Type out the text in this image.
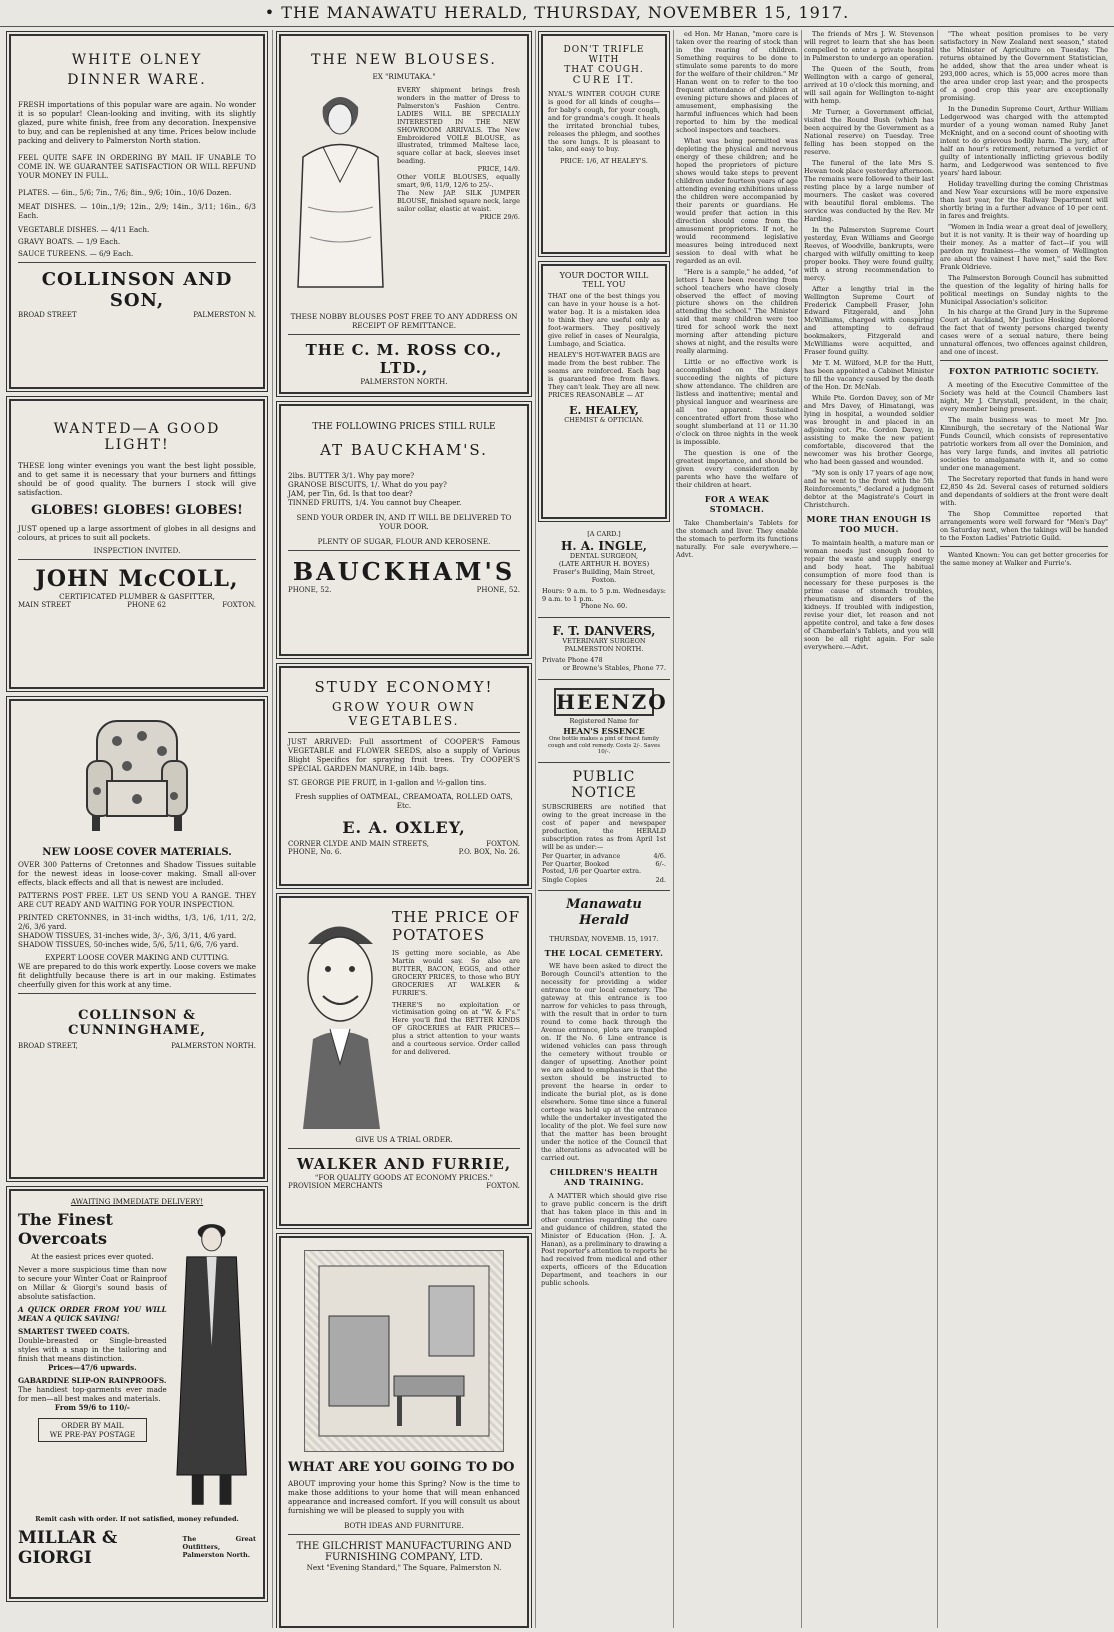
• THE MANAWATU HERALD, THURSDAY, NOVEMBER 15, 1917.
WHITE OLNEY
DINNER WARE.
FRESH importations of this popular ware are again. No wonder it is so popular! Clean-looking and inviting, with its slightly glazed, pure white finish, free from any decoration. Inexpensive to buy, and can be replenished at any time. Prices below include packing and delivery to Palmerston North station.
FEEL QUITE SAFE IN ORDERING BY MAIL IF UNABLE TO COME IN. WE GUARANTEE SATISFACTION OR WILL REFUND YOUR MONEY IN FULL.
PLATES. — 6in., 5/6; 7in., 7/6; 8in., 9/6; 10in., 10/6 Dozen.
MEAT DISHES. — 10in.,1/9; 12in., 2/9; 14in., 3/11; 16in., 6/3 Each.
VEGETABLE DISHES. — 4/11 Each.
GRAVY BOATS. — 1/9 Each.
SAUCE TUREENS. — 6/9 Each.
COLLINSON AND SON,
BROAD STREET	PALMERSTON N.
WANTED—A GOOD LIGHT!
THESE long winter evenings you want the best light possible, and to get same it is necessary that your burners and fittings should be of good quality. The burners I stock will give satisfaction.
GLOBES! GLOBES! GLOBES!
JUST opened up a large assortment of globes in all designs and colours, at prices to suit all pockets.
INSPECTION INVITED.
JOHN McCOLL,
CERTIFICATED PLUMBER & GASFITTER,
MAIN STREET	PHONE 62	FOXTON.
NEW LOOSE COVER MATERIALS.
OVER 300 Patterns of Cretonnes and Shadow Tissues suitable for the newest ideas in loose-cover making. Small all-over effects, black effects and all that is newest are included.
PATTERNS POST FREE. LET US SEND YOU A RANGE. THEY ARE CUT READY AND WAITING FOR YOUR INSPECTION.
PRINTED CRETONNES, in 31-inch widths, 1/3, 1/6, 1/11, 2/2, 2/6, 3/6 yard.
SHADOW TISSUES, 31-inches wide, 3/-, 3/6, 3/11, 4/6 yard.
SHADOW TISSUES, 50-inches wide, 5/6, 5/11, 6/6, 7/6 yard.
EXPERT LOOSE COVER MAKING AND CUTTING.
WE are prepared to do this work expertly. Loose covers we make fit delightfully because there is art in our making. Estimates cheerfully given for this work at any time.
COLLINSON & CUNNINGHAME,
BROAD STREET,	PALMERSTON NORTH.
AWAITING IMMEDIATE DELIVERY!
The Finest Overcoats
At the easiest prices ever quoted.
Never a more suspicious time than now to secure your Winter Coat or Rainproof on Millar & Giorgi's sound basis of absolute satisfaction.
A QUICK ORDER FROM YOU WILL MEAN A QUICK SAVING!
SMARTEST TWEED COATS.
Double-breasted or Single-breasted styles with a snap in the tailoring and finish that means distinction.
Prices—47/6 upwards.
GABARDINE SLIP-ON RAINPROOFS.
The handiest top-garments ever made for men—all best makes and materials.
From 59/6 to 110/-
ORDER BY MAIL
WE PRE-PAY POSTAGE
Remit cash with order. If not satisfied, money refunded.
MILLAR & GIORGI
The Great Outfitters, Palmerston North.
THE NEW BLOUSES.
EX "RIMUTAKA."
EVERY shipment brings fresh wonders in the matter of Dress to Palmerston's Fashion Centre. LADIES WILL BE SPECIALLY INTERESTED IN THE NEW SHOWROOM ARRIVALS. The New Embroidered VOILE BLOUSE, as illustrated, trimmed Maltese lace, square collar at back, sleeves inset beading.
PRICE, 14/9.
Other VOILE BLOUSES, equally smart, 9/6, 11/9, 12/6 to 25/-.
The New JAP. SILK JUMPER BLOUSE, finished square neck, large sailor collar, elastic at waist.
PRICE 29/6.
THESE NOBBY BLOUSES POST FREE TO ANY ADDRESS ON RECEIPT OF REMITTANCE.
THE C. M. ROSS CO., LTD.,
PALMERSTON NORTH.
THE FOLLOWING PRICES STILL RULE
AT BAUCKHAM'S.
2lbs. BUTTER 3/1. Why pay more?
GRANOSE BISCUITS, 1/. What do you pay?
JAM, per Tin, 6d. Is that too dear?
TINNED FRUITS, 1/4. You cannot buy Cheaper.
SEND YOUR ORDER IN, AND IT WILL BE DELIVERED TO YOUR DOOR.
PLENTY OF SUGAR, FLOUR AND KEROSENE.
BAUCKHAM'S
PHONE, 52.	PHONE, 52.
STUDY ECONOMY!
GROW YOUR OWN VEGETABLES.
JUST ARRIVED: Full assortment of COOPER'S Famous VEGETABLE and FLOWER SEEDS, also a supply of Various Blight Specifics for spraying fruit trees. Try COOPER'S SPECIAL GARDEN MANURE, in 14lb. bags.
ST. GEORGE PIE FRUIT, in 1-gallon and ½-gallon tins.
Fresh supplies of OATMEAL, CREAMOATA, ROLLED OATS, Etc.
E. A. OXLEY,
CORNER CLYDE AND MAIN STREETS,	FOXTON.
PHONE, No. 6.	P.O. BOX, No. 26.
THE PRICE OF
POTATOES
IS getting more sociable, as Abe Martin would say. So also are BUTTER, BACON, EGGS, and other GROCERY PRICES, to those who BUY GROCERIES AT WALKER & FURRIE'S.
THERE'S no exploitation or victimisation going on at "W. & F's." Here you'll find the BETTER KINDS OF GROCERIES at FAIR PRICES—plus a strict attention to your wants and a courteous service. Order called for and delivered.
GIVE US A TRIAL ORDER.
WALKER AND FURRIE,
"FOR QUALITY GOODS AT ECONOMY PRICES."
PROVISION MERCHANTS	FOXTON.
WHAT ARE YOU GOING TO DO
ABOUT improving your home this Spring? Now is the time to make those additions to your home that will mean enhanced appearance and increased comfort. If you will consult us about furnishing we will be pleased to supply you with
BOTH IDEAS AND FURNITURE.
THE GILCHRIST MANUFACTURING AND FURNISHING COMPANY, LTD.
Next "Evening Standard," The Square, Palmerston N.
DON'T TRIFLE
WITH
THAT COUGH.
CURE IT.
NYAL'S WINTER COUGH CURE is good for all kinds of coughs—for baby's cough, for your cough, and for grandma's cough. It heals the irritated bronchial tubes, releases the phlegm, and soothes the sore lungs. It is pleasant to take, and easy to buy.
PRICE: 1/6, AT HEALEY'S.
YOUR DOCTOR WILL TELL YOU
THAT one of the best things you can have in your house is a hot-water bag. It is a mistaken idea to think they are useful only as foot-warmers. They positively give relief in cases of Neuralgia, Lumbago, and Sciatica.
HEALEY'S HOT-WATER BAGS are made from the best rubber. The seams are reinforced. Each bag is guaranteed free from flaws. They can't leak. They are all new. PRICES REASONABLE — AT
E. HEALEY,
CHEMIST & OPTICIAN.
[A CARD.]
H. A. INGLE,
DENTAL SURGEON,
(LATE ARTHUR H. BOYES)
Fraser's Building, Main Street, Foxton.
Hours: 9 a.m. to 5 p.m. Wednesdays: 9 a.m. to 1 p.m.
Phone No. 60.
F. T. DANVERS,
VETERINARY SURGEON
PALMERSTON NORTH.
Private Phone 478
or Browne's Stables, Phone 77.
HEENZO
Registered Name for
HEAN'S ESSENCE
One bottle makes a pint of finest family cough and cold remedy. Costs 2/-. Saves 10/-.
PUBLIC NOTICE
SUBSCRIBERS are notified that owing to the great increase in the cost of paper and newspaper production, the HERALD subscription rates as from April 1st will be as under:—
Per Quarter, in advance	4/6.
Per Quarter, Booked	6/-.
Posted, 1/6 per Quarter extra.
Single Copies	2d.
Manawatu Herald
THURSDAY, NOVEMB. 15, 1917.
THE LOCAL CEMETERY.

WE have been asked to direct the Borough Council's attention to the necessity for providing a wider entrance to our local cemetery. The gateway at this entrance is too narrow for vehicles to pass through, with the result that in order to turn round to come back through the Avenue entrance, plots are trampled on. If the No. 6 Line entrance is widened vehicles can pass through the cemetery without trouble or danger of upsetting. Another point we are asked to emphasise is that the sexton should be instructed to prevent the hearse in order to indicate the burial plot, as is done elsewhere. Some time since a funeral cortege was held up at the entrance while the undertaker investigated the locality of the plot. We feel sure now that the matter has been brought under the notice of the Council that the alterations as advocated will be carried out.

CHILDREN'S HEALTH AND TRAINING.

A MATTER which should give rise to grave public concern is the drift that has taken place in this and in other countries regarding the care and guidance of children, stated the Minister of Education (Hon. J. A. Hanan), as a preliminary to drawing a Post reporter's attention to reports he had received from medical and other experts, officers of the Education Department, and teachers in our public schools.

ed Hon. Mr Hanan, "more care is taken over the rearing of stock than in the rearing of children. Something requires to be done to stimulate some parents to do more for the welfare of their children." Mr Hanan went on to refer to the too frequent attendance of children at evening picture shows and places of amusement, emphasising the harmful influences which had been reported to him by the medical school inspectors and teachers.

What was being permitted was depleting the physical and nervous energy of these children; and he hoped the proprietors of picture shows would take steps to prevent children under fourteen years of age attending evening exhibitions unless the children were accompanied by their parents or guardians. He would prefer that action in this direction should come from the amusement proprietors. If not, he would recommend legislative measures being introduced next session to deal with what he regarded as an evil.

"Here is a sample," he added, "of letters I have been receiving from school teachers who have closely observed the effect of moving picture shows on the children attending the school." The Minister said that many children were too tired for school work the next morning after attending picture shows at night, and the results were really alarming.

Little or no effective work is accomplished on the days succeeding the nights of picture show attendance. The children are listless and inattentive; mental and physical languor and weariness are all too apparent. Sustained concentrated effort from those who sought slumberland at 11 or 11.30 o'clock on three nights in the week is impossible.

The question is one of the greatest importance, and should be given every consideration by parents who have the welfare of their children at heart.

FOR A WEAK STOMACH.

Take Chamberlain's Tablets for the stomach and liver. They enable the stomach to perform its functions naturally. For sale everywhere.—Advt.

The friends of Mrs J. W. Stevenson will regret to learn that she has been compelled to enter a private hospital in Palmerston to undergo an operation.

The Queen of the South, from Wellington with a cargo of general, arrived at 10 o'clock this morning, and will sail again for Wellington to-night with hemp.

Mr Turner, a Government official, visited the Round Bush (which has been acquired by the Government as a National reserve) on Tuesday. Tree felling has been stopped on the reserve.

The funeral of the late Mrs S. Hewan took place yesterday afternoon. The remains were followed to their last resting place by a large number of mourners. The casket was covered with beautiful floral emblems. The service was conducted by the Rev. Mr Harding.

In the Palmerston Supreme Court yesterday, Evan Williams and George Reeves, of Woodville, bankrupts, were charged with wilfully omitting to keep proper books. They were found guilty, with a strong recommendation to mercy.

After a lengthy trial in the Wellington Supreme Court of Frederick Campbell Fraser, John Edward Fitzgerald, and John McWilliams, charged with conspiring and attempting to defraud bookmakers, Fitzgerald and McWilliams were acquitted, and Fraser found guilty.

Mr T. M. Wilford, M.P. for the Hutt, has been appointed a Cabinet Minister to fill the vacancy caused by the death of the Hon. Dr. McNab.

While Pte. Gordon Davey, son of Mr and Mrs Davey, of Himatangi, was lying in hospital, a wounded soldier was brought in and placed in an adjoining cot. Pte. Gordon Davey, in assisting to make the new patient comfortable, discovered that the newcomer was his brother George, who had been gassed and wounded.

"My son is only 17 years of age now, and he went to the front with the 5th Reinforcements," declared a judgment debtor at the Magistrate's Court in Christchurch.

MORE THAN ENOUGH IS TOO MUCH.

To maintain health, a mature man or woman needs just enough food to repair the waste and supply energy and body heat. The habitual consumption of more food than is necessary for these purposes is the prime cause of stomach troubles, rheumatism and disorders of the kidneys. If troubled with indigestion, revise your diet, let reason and not appetite control, and take a few doses of Chamberlain's Tablets, and you will soon be all right again. For sale everywhere.—Advt.

"The wheat position promises to be very satisfactory in New Zealand next season," stated the Minister of Agriculture on Tuesday. The returns obtained by the Government Statistician, he added, show that the area under wheat is 293,000 acres, which is 55,000 acres more than the area under crop last year; and the prospects of a good crop this year are exceptionally promising.

In the Dunedin Supreme Court, Arthur William Ledgerwood was charged with the attempted murder of a young woman named Ruby Janet McKnight, and on a second count of shooting with intent to do grievous bodily harm. The jury, after half an hour's retirement, returned a verdict of guilty of intentionally inflicting grievous bodily harm, and Ledgerwood was sentenced to five years' hard labour.

Holiday travelling during the coming Christmas and New Year excursions will be more expensive than last year, for the Railway Department will shortly bring in a further advance of 10 per cent. in fares and freights.

"Women in India wear a great deal of jewellery, but it is not vanity. It is their way of hoarding up their money. As a matter of fact—if you will pardon my frankness—the women of Wellington are about the vainest I have met," said the Rev. Frank Oldrieve.

The Palmerston Borough Council has submitted the question of the legality of hiring halls for political meetings on Sunday nights to the Municipal Association's solicitor.

In his charge at the Grand Jury in the Supreme Court at Auckland, Mr Justice Hosking deplored the fact that of twenty persons charged twenty cases were of a sexual nature, there being unnatural offences, two offences against children, and one of incest.

FOXTON PATRIOTIC SOCIETY.

A meeting of the Executive Committee of the Society was held at the Council Chambers last night, Mr J. Chrystall, president, in the chair, every member being present.

The main business was to meet Mr Jno. Kinniburgh, the secretary of the National War Funds Council, which consists of representative patriotic workers from all over the Dominion, and has very large funds, and invites all patriotic societies to amalgamate with it, and so come under one management.

The Secretary reported that funds in hand were £2,850 4s 2d. Several cases of returned soldiers and dependants of soldiers at the front were dealt with.

The Shop Committee reported that arrangements were well forward for "Men's Day" on Saturday next, when the takings will be handed to the Foxton Ladies' Patriotic Guild.

Wanted Known: You can get better groceries for the same money at Walker and Furrie's.
